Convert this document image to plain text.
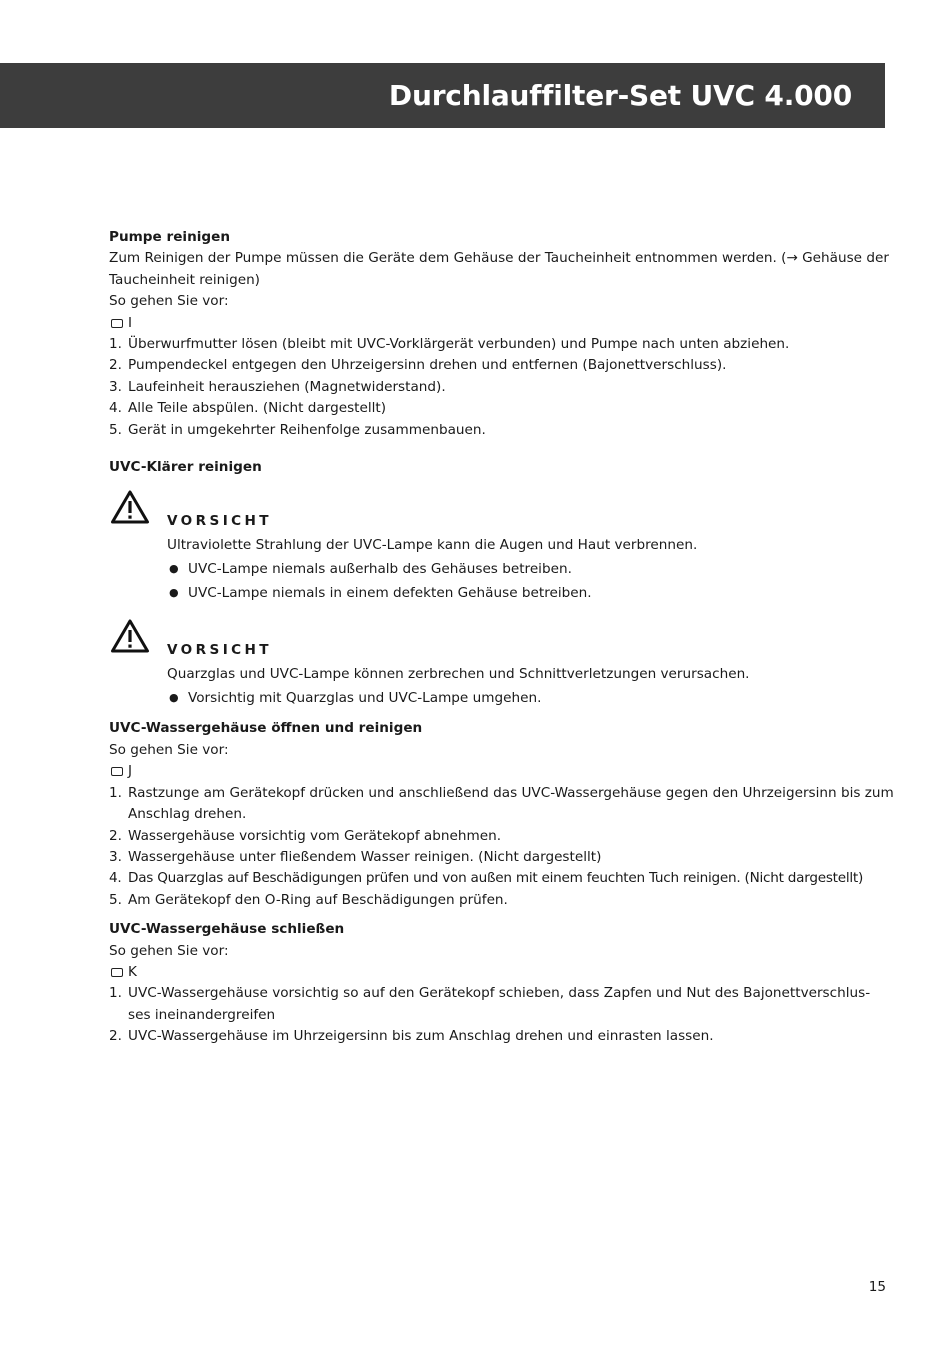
Durchlauffilter-Set UVC 4.000

Pumpe reinigen

Zum Reinigen der Pumpe müssen die Geräte dem Gehäuse der Taucheinheit entnommen werden. (→ Gehäuse der Taucheinheit reinigen)

So gehen Sie vor:

I
1. Überwurfmutter lösen (bleibt mit UVC-Vorklärgerät verbunden) und Pumpe nach unten abziehen.
2. Pumpendeckel entgegen den Uhrzeigersinn drehen und entfernen (Bajonettverschluss).
3. Laufeinheit herausziehen (Magnetwiderstand).
4. Alle Teile abspülen. (Nicht dargestellt)
5. Gerät in umgekehrter Reihenfolge zusammenbauen.

UVC-Klärer reinigen

VORSICHT
Ultraviolette Strahlung der UVC-Lampe kann die Augen und Haut verbrennen.
● UVC-Lampe niemals außerhalb des Gehäuses betreiben.
● UVC-Lampe niemals in einem defekten Gehäuse betreiben.
VORSICHT
Quarzglas und UVC-Lampe können zerbrechen und Schnittverletzungen verursachen.
● Vorsichtig mit Quarzglas und UVC-Lampe umgehen.

UVC-Wassergehäuse öffnen und reinigen

So gehen Sie vor:

J
1. Rastzunge am Gerätekopf drücken und anschließend das UVC-Wassergehäuse gegen den Uhrzeigersinn bis zum Anschlag drehen.
2. Wassergehäuse vorsichtig vom Gerätekopf abnehmen.
3. Wassergehäuse unter fließendem Wasser reinigen. (Nicht dargestellt)
4. Das Quarzglas auf Beschädigungen prüfen und von außen mit einem feuchten Tuch reinigen. (Nicht dargestellt)
5. Am Gerätekopf den O-Ring auf Beschädigungen prüfen.

UVC-Wassergehäuse schließen

So gehen Sie vor:

K
1. UVC-Wassergehäuse vorsichtig so auf den Gerätekopf schieben, dass Zapfen und Nut des Bajonettverschlus- ses ineinandergreifen
2. UVC-Wassergehäuse im Uhrzeigersinn bis zum Anschlag drehen und einrasten lassen.
15
